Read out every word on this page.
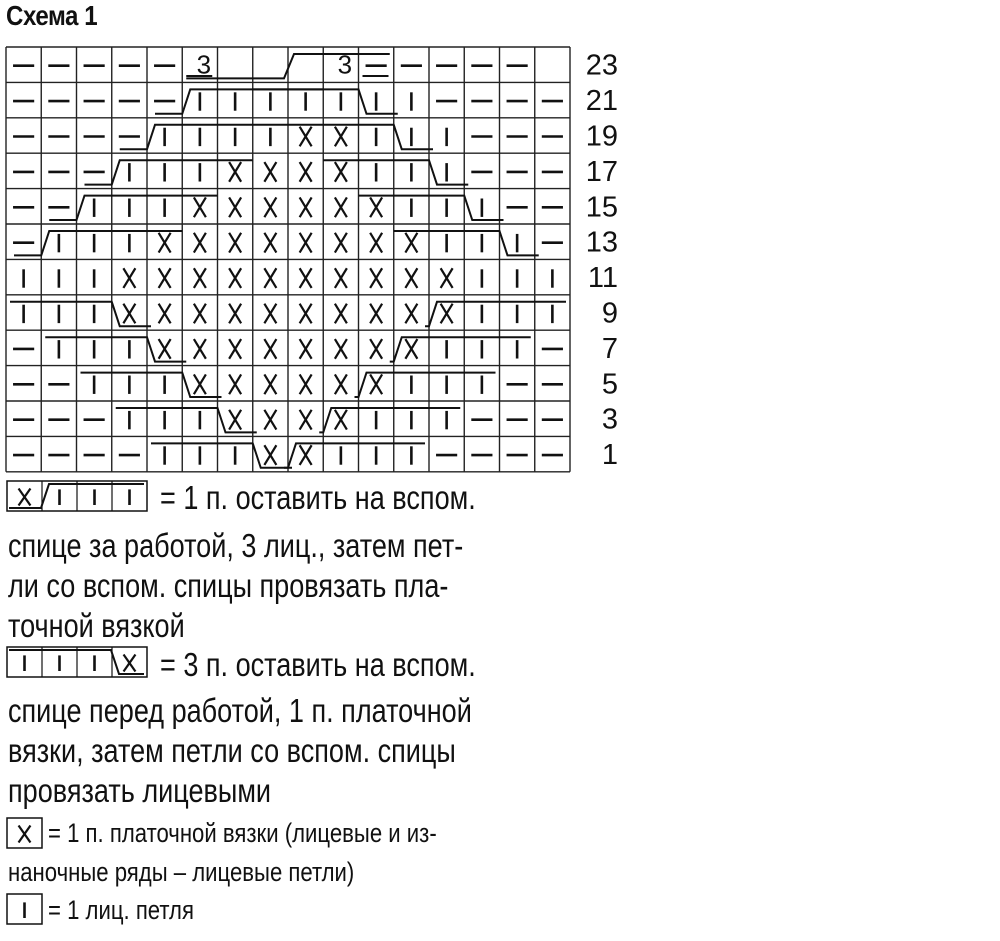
Схема 1
3	3	23
21
19
17
15
13
11
9
7
5
3
1
= 1 п. оставить на вспом.
спице за работой, 3 лиц., затем пет-
ли со вспом. спицы провязать пла-
точной вязкой
= 3 п. оставить на вспом.
спице перед работой, 1 п. платочной
вязки, затем петли со вспом. спицы
провязать лицевыми
= 1 п. платочной вязки (лицевые и из-
наночные ряды – лицевые петли)
= 1 лиц. петля
